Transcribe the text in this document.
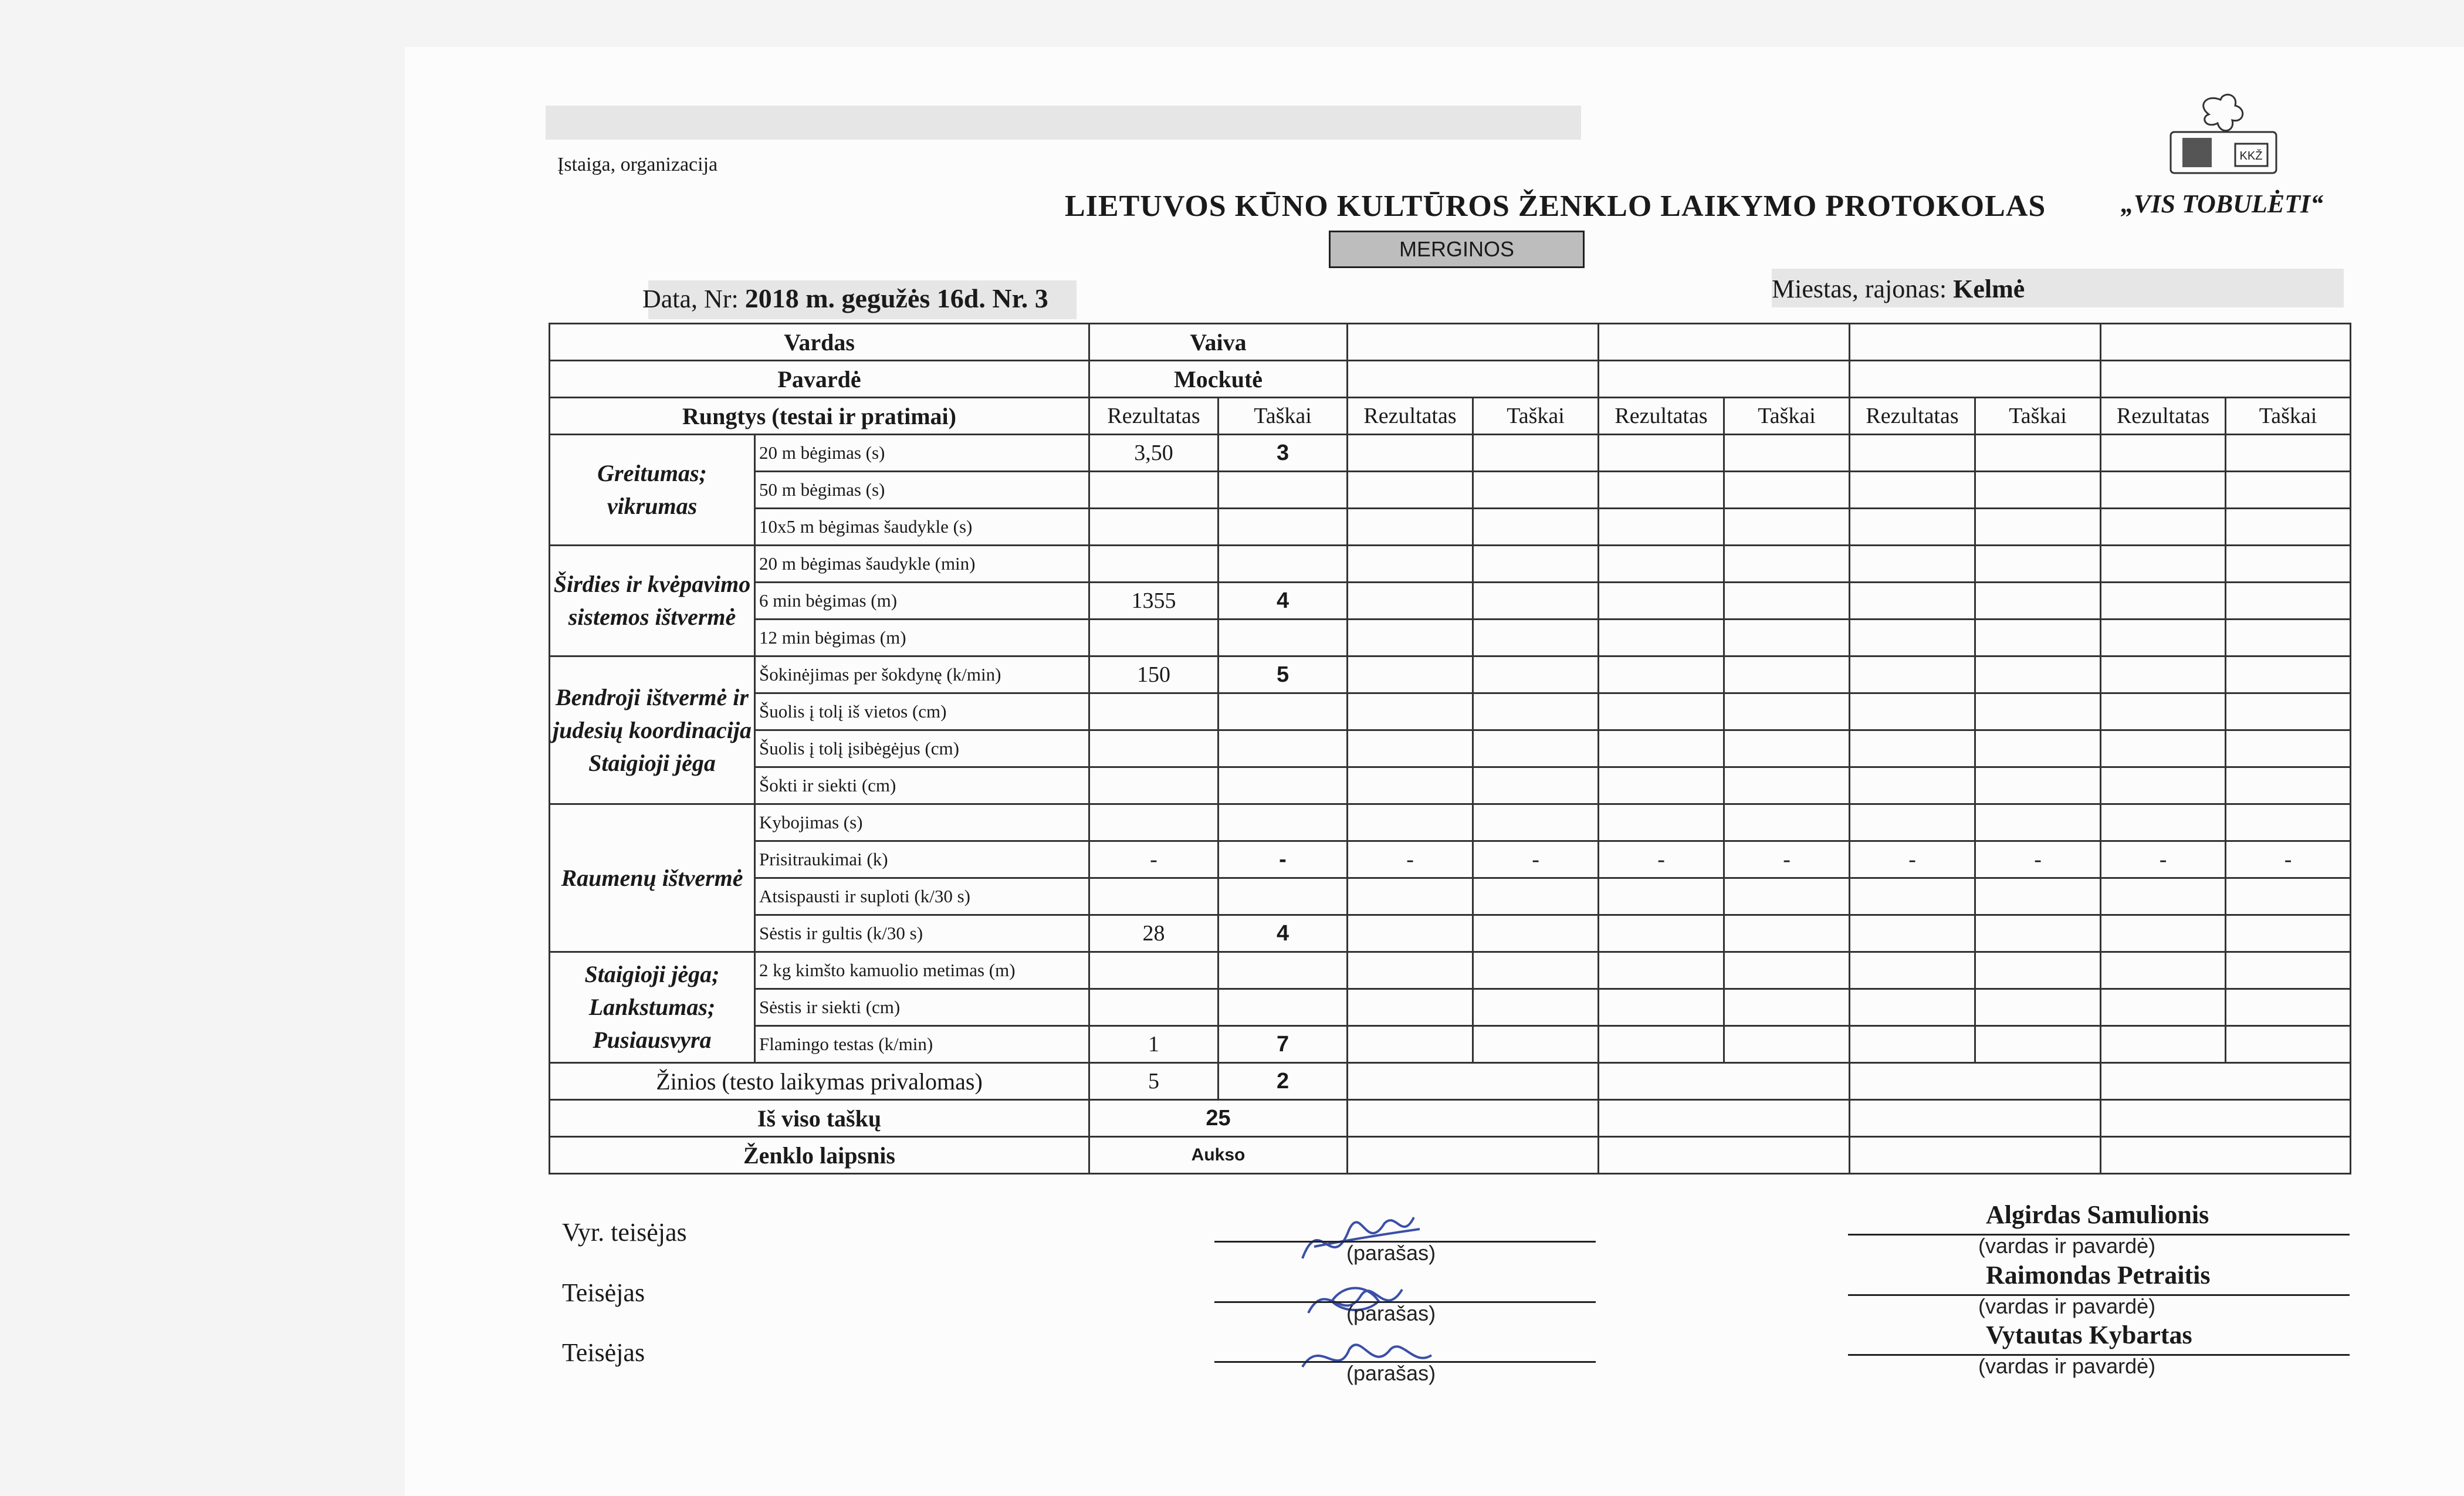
Įstaiga, organizacija	KKŽ
LIETUVOS KŪNO KULTŪROS ŽENKLO LAIKYMO PROTOKOLAS	„VIS TOBULĖTI“
MERGINOS
Data, Nr: 2018 m. gegužės 16d. Nr. 3	Miestas, rajonas: Kelmė
Vardas		Vaiva									
Pavardė		Mockutė									
Rungtys (testai ir pratimai)		Rezultatas	Taškai	Rezultatas	Taškai	Rezultatas	Taškai	Rezultatas	Taškai	Rezultatas	Taškai
Greitumas; vikrumas	20 m bėgimas (s)	3,50	3								
	50 m bėgimas (s)										
	10x5 m bėgimas šaudykle (s)										
Širdies ir kvėpavimo sistemos ištvermė	20 m bėgimas šaudykle (min)										
	6 min bėgimas (m)	1355	4								
	12 min bėgimas (m)										
Bendroji ištvermė ir judesių koordinacija Staigioji jėga	Šokinėjimas per šokdynę (k/min)	150	5								
	Šuolis į tolį iš vietos (cm)										
	Šuolis į tolį įsibėgėjus (cm)										
	Šokti ir siekti (cm)										
Raumenų ištvermė	Kybojimas (s)										
	Prisitraukimai (k)	-	-	-	-	-	-	-	-	-	-
	Atsispausti ir suploti (k/30 s)										
	Sėstis ir gultis (k/30 s)	28	4								
Staigioji jėga; Lankstumas; Pusiausvyra	2 kg kimšto kamuolio metimas (m)										
	Sėstis ir siekti (cm)										
	Flamingo testas (k/min)	1	7								
Žinios (testo laikymas privalomas)		5	2								
Iš viso taškų		25									
Ženklo laipsnis		Aukso									
Vyr. teisėjas
(parašas)
Algirdas Samulionis
(vardas ir pavardė)
Teisėjas
(parašas)
Raimondas Petraitis
(vardas ir pavardė)
Teisėjas
(parašas)
Vytautas Kybartas
(vardas ir pavardė)
